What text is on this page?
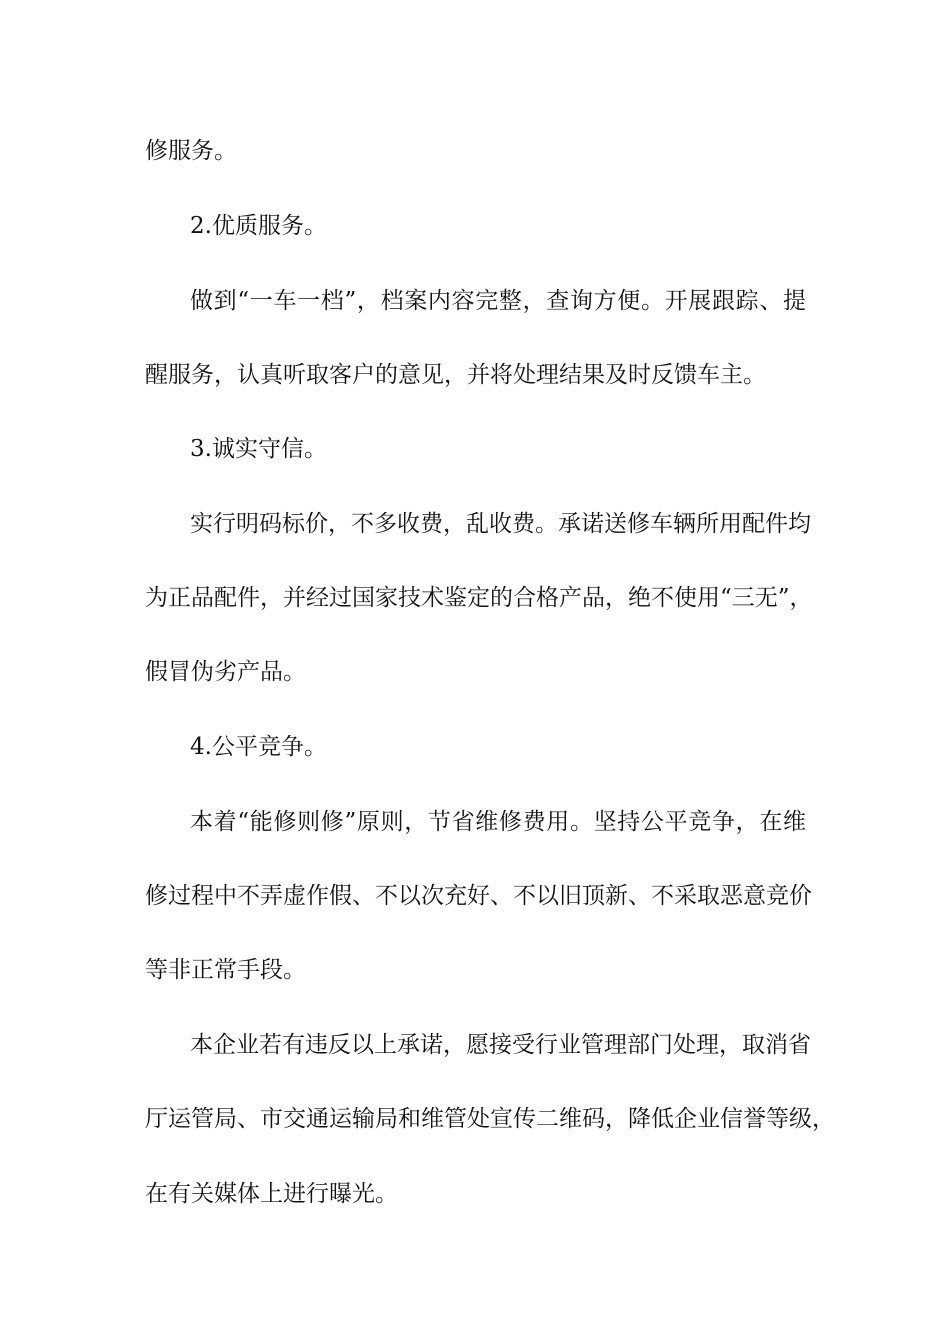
修服务。
2.优质服务。
做到“一车一档”，档案内容完整，查询方便。开展跟踪、提
醒服务，认真听取客户的意见，并将处理结果及时反馈车主。
3.诚实守信。
实行明码标价，不多收费，乱收费。承诺送修车辆所用配件均
为正品配件，并经过国家技术鉴定的合格产品，绝不使用“三无”，
假冒伪劣产品。
4.公平竞争。
本着“能修则修”原则，节省维修费用。坚持公平竞争，在维
修过程中不弄虚作假、不以次充好、不以旧顶新、不采取恶意竞价
等非正常手段。
本企业若有违反以上承诺，愿接受行业管理部门处理，取消省
厅运管局、市交通运输局和维管处宣传二维码，降低企业信誉等级，
在有关媒体上进行曝光。
